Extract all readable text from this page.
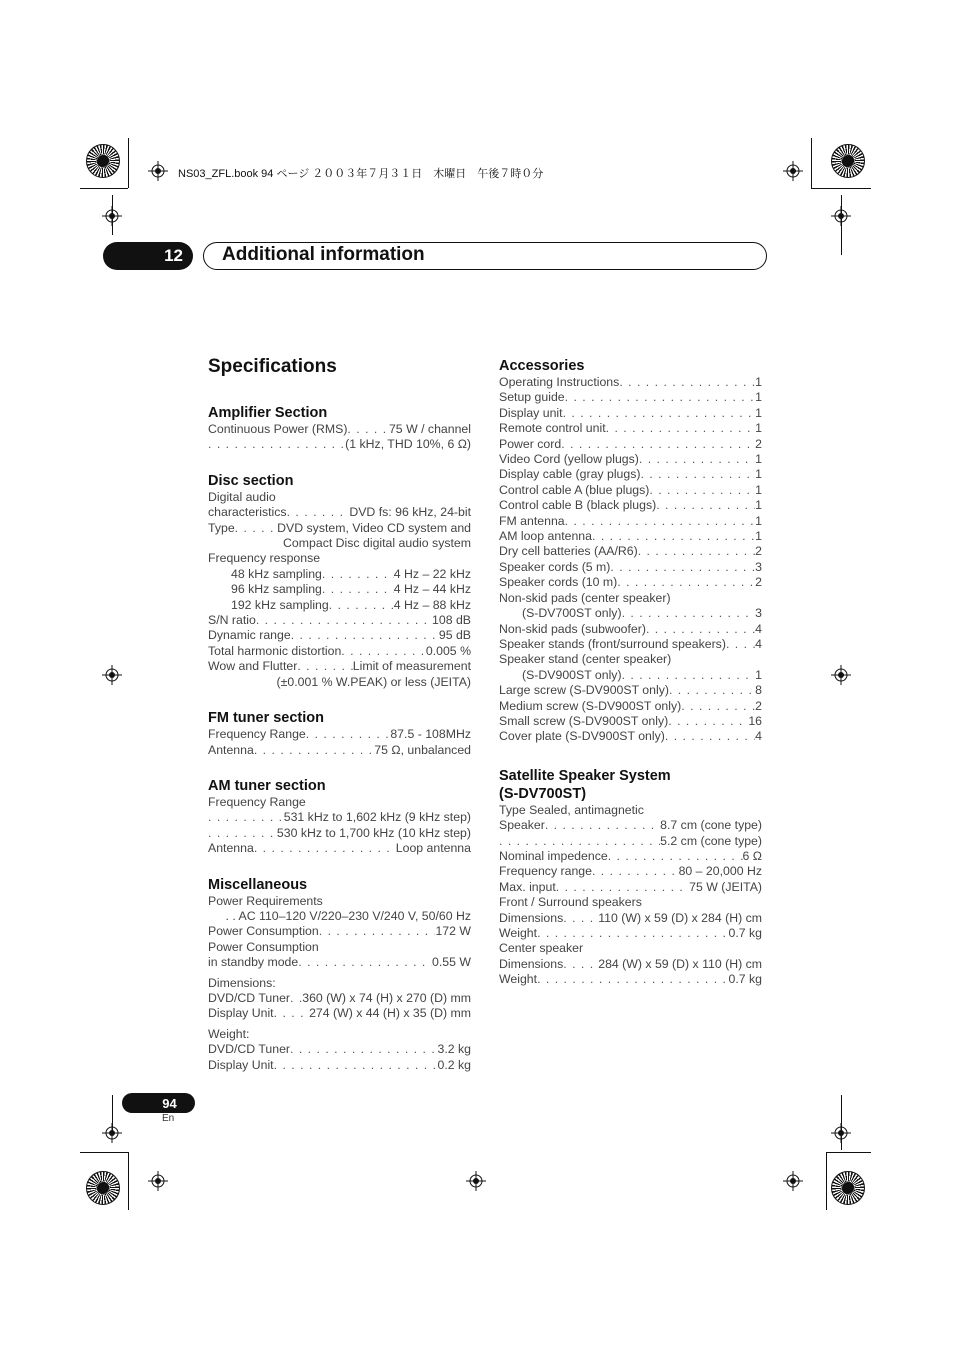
NS03_ZFL.book 94 ページ ２００３年７月３１日　木曜日　午後７時０分
12	Additional information
Specifications
Amplifier Section
Continuous Power (RMS) . . .	75 W / channel
. . .
(1 kHz, THD 10%, 6 Ω)
Disc section
Digital audio
characteristics . . .	DVD fs: 96 kHz, 24-bit
Type . . .	DVD system, Video CD system and
Compact Disc digital audio system
Frequency response
48 kHz sampling . . .	4 Hz – 22 kHz
96 kHz sampling . . .	4 Hz – 44 kHz
192 kHz sampling . . .	4 Hz – 88 kHz
S/N ratio . . .	108 dB
Dynamic range . . .	95 dB
Total harmonic distortion . . .	0.005 %
Wow and Flutter . . .	Limit of measurement
(±0.001 % W.PEAK) or less (JEITA)
FM tuner section
Frequency Range . . .	87.5 - 108MHz
Antenna . . .	75 Ω, unbalanced
AM tuner section
Frequency Range
. . .
531 kHz to 1,602 kHz (9 kHz step)
. . .
530 kHz to 1,700 kHz (10 kHz step)
Antenna . . .	Loop antenna
Miscellaneous
Power Requirements
. . AC 110–120 V/220–230 V/240 V, 50/60 Hz
Power Consumption . . .	172 W
Power Consumption
in standby mode . . .	0.55 W
Dimensions:
DVD/CD Tuner . . . 360 (W) x 74 (H) x 270 (D) mm
Display Unit . . .	274 (W) x 44 (H) x 35 (D) mm
Weight:
DVD/CD Tuner . . .	3.2 kg
Display Unit . . .	0.2 kg
Accessories
Operating Instructions . . .	1
Setup guide . . .	1
Display unit . . .	1
Remote control unit . . .	1
Power cord . . .	2
Video Cord (yellow plugs) . . .	1
Display cable (gray plugs) . . .	1
Control cable A (blue plugs) . . .	1
Control cable B (black plugs) . . .	1
FM antenna . . .	1
AM loop antenna . . .	1
Dry cell batteries (AA/R6) . . .	2
Speaker cords (5 m) . . .	3
Speaker cords (10 m) . . .	2
Non-skid pads (center speaker)
(S-DV700ST only) . . .	3
Non-skid pads (subwoofer) . . .	4
Speaker stands (front/surround speakers) . . . 4
Speaker stand (center speaker)
(S-DV900ST only) . . .	1
Large screw (S-DV900ST only) . . .	8
Medium screw (S-DV900ST only) . . .	2
Small screw (S-DV900ST only) . . .	16
Cover plate (S-DV900ST only) . . .	4
Satellite Speaker System
(S-DV700ST)
Type Sealed, antimagnetic
Speaker . . .	8.7 cm (cone type)
. . .
5.2 cm (cone type)
Nominal impedence . . .	6 Ω
Frequency range . . .	80 – 20,000 Hz
Max. input . . .	75 W (JEITA)
Front / Surround speakers
Dimensions . . .	110 (W) x 59 (D) x 284 (H) cm
Weight . . .	0.7 kg
Center speaker
Dimensions . . .	284 (W) x 59 (D) x 110 (H) cm
Weight . . .	0.7 kg
94
En
